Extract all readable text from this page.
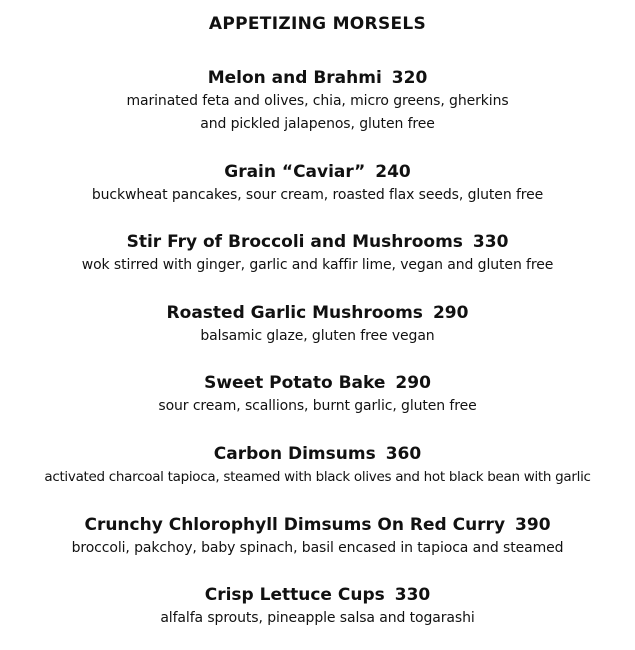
APPETIZING MORSELS
Melon and Brahmi 320
marinated feta and olives, chia, micro greens, gherkins
and pickled jalapenos, gluten free
Grain “Caviar” 240
buckwheat pancakes, sour cream, roasted flax seeds, gluten free
Stir Fry of Broccoli and Mushrooms 330
wok stirred with ginger, garlic and kaffir lime, vegan and gluten free
Roasted Garlic Mushrooms 290
balsamic glaze, gluten free vegan
Sweet Potato Bake 290
sour cream, scallions, burnt garlic, gluten free
Carbon Dimsums 360
activated charcoal tapioca, steamed with black olives and hot black bean with garlic
Crunchy Chlorophyll Dimsums On Red Curry 390
broccoli, pakchoy, baby spinach, basil encased in tapioca and steamed
Crisp Lettuce Cups 330
alfalfa sprouts, pineapple salsa and togarashi
